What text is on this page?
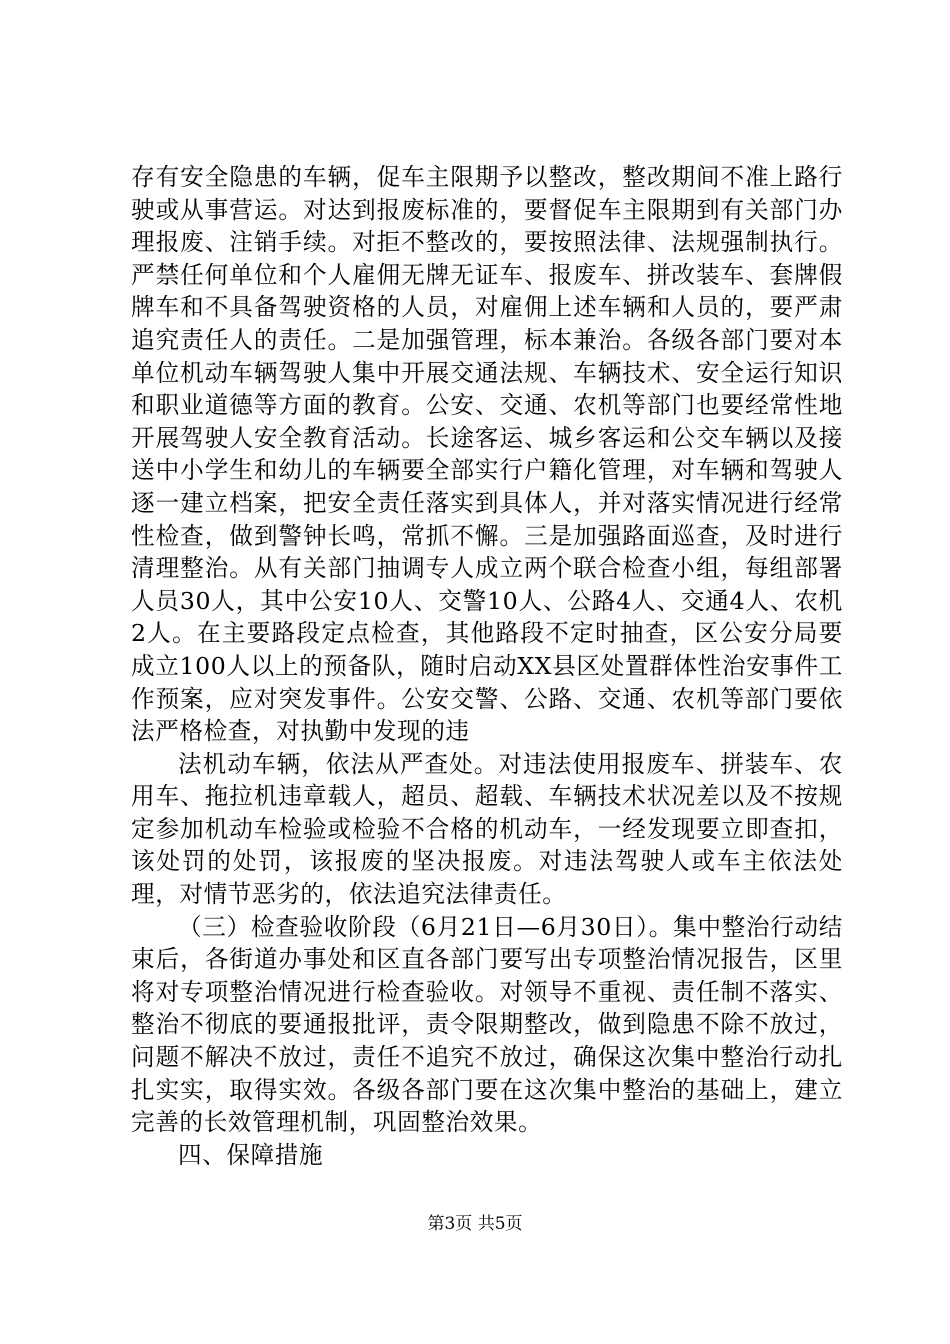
存有安全隐患的车辆，促车主限期予以整改，整改期间不准上路行驶或从事营运。对达到报废标准的，要督促车主限期到有关部门办理报废、注销手续。对拒不整改的，要按照法律、法规强制执行。严禁任何单位和个人雇佣无牌无证车、报废车、拼改装车、套牌假牌车和不具备驾驶资格的人员，对雇佣上述车辆和人员的，要严肃追究责任人的责任。二是加强管理，标本兼治。各级各部门要对本单位机动车辆驾驶人集中开展交通法规、车辆技术、安全运行知识和职业道德等方面的教育。公安、交通、农机等部门也要经常性地开展驾驶人安全教育活动。长途客运、城乡客运和公交车辆以及接送中小学生和幼儿的车辆要全部实行户籍化管理，对车辆和驾驶人逐一建立档案，把安全责任落实到具体人，并对落实情况进行经常性检查，做到警钟长鸣，常抓不懈。三是加强路面巡查，及时进行清理整治。从有关部门抽调专人成立两个联合检查小组，每组部署人员30人，其中公安10人、交警10人、公路4人、交通4人、农机2人。在主要路段定点检查，其他路段不定时抽查，区公安分局要成立100人以上的预备队，随时启动XX县区处置群体性治安事件工作预案，应对突发事件。公安交警、公路、交通、农机等部门要依法严格检查，对执勤中发现的违

法机动车辆，依法从严查处。对违法使用报废车、拼装车、农用车、拖拉机违章载人，超员、超载、车辆技术状况差以及不按规定参加机动车检验或检验不合格的机动车，一经发现要立即查扣，该处罚的处罚，该报废的坚决报废。对违法驾驶人或车主依法处理，对情节恶劣的，依法追究法律责任。

（三）检查验收阶段（6月21日—6月30日）。集中整治行动结束后，各街道办事处和区直各部门要写出专项整治情况报告，区里将对专项整治情况进行检查验收。对领导不重视、责任制不落实、整治不彻底的要通报批评，责令限期整改，做到隐患不除不放过，问题不解决不放过，责任不追究不放过，确保这次集中整治行动扎扎实实，取得实效。各级各部门要在这次集中整治的基础上，建立完善的长效管理机制，巩固整治效果。

四、保障措施

第3页 共5页
